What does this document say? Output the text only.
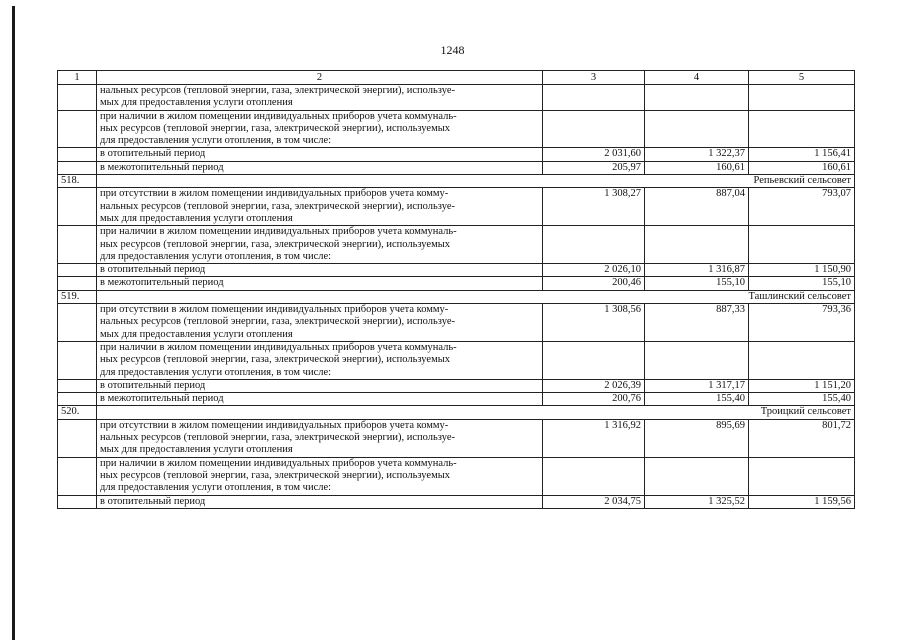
1248
1	2	3	4	5

	нальных ресурсов (тепловой энергии, газа, электрической энергии), используе-
мых для предоставления услуги отопления			

	при наличии в жилом помещении индивидуальных приборов учета коммуналь-
ных ресурсов (тепловой энергии, газа, электрической энергии), используемых
для предоставления услуги отопления, в том числе:			

	в отопительный период	2 031,60	1 322,37	1 156,41

	в межотопительный период	205,97	160,61	160,61
518.	Репьевский сельсовет			

	при отсутствии в жилом помещении индивидуальных приборов учета комму-
нальных ресурсов (тепловой энергии, газа, электрической энергии), используе-
мых для предоставления услуги отопления	1 308,27	887,04	793,07

	при наличии в жилом помещении индивидуальных приборов учета коммуналь-
ных ресурсов (тепловой энергии, газа, электрической энергии), используемых
для предоставления услуги отопления, в том числе:			

	в отопительный период	2 026,10	1 316,87	1 150,90

	в межотопительный период	200,46	155,10	155,10
519.	Ташлинский сельсовет			

	при отсутствии в жилом помещении индивидуальных приборов учета комму-
нальных ресурсов (тепловой энергии, газа, электрической энергии), используе-
мых для предоставления услуги отопления	1 308,56	887,33	793,36

	при наличии в жилом помещении индивидуальных приборов учета коммуналь-
ных ресурсов (тепловой энергии, газа, электрической энергии), используемых
для предоставления услуги отопления, в том числе:			

	в отопительный период	2 026,39	1 317,17	1 151,20

	в межотопительный период	200,76	155,40	155,40
520.	Троицкий сельсовет			

	при отсутствии в жилом помещении индивидуальных приборов учета комму-
нальных ресурсов (тепловой энергии, газа, электрической энергии), используе-
мых для предоставления услуги отопления	1 316,92	895,69	801,72

	при наличии в жилом помещении индивидуальных приборов учета коммуналь-
ных ресурсов (тепловой энергии, газа, электрической энергии), используемых
для предоставления услуги отопления, в том числе:			

	в отопительный период	2 034,75	1 325,52	1 159,56
